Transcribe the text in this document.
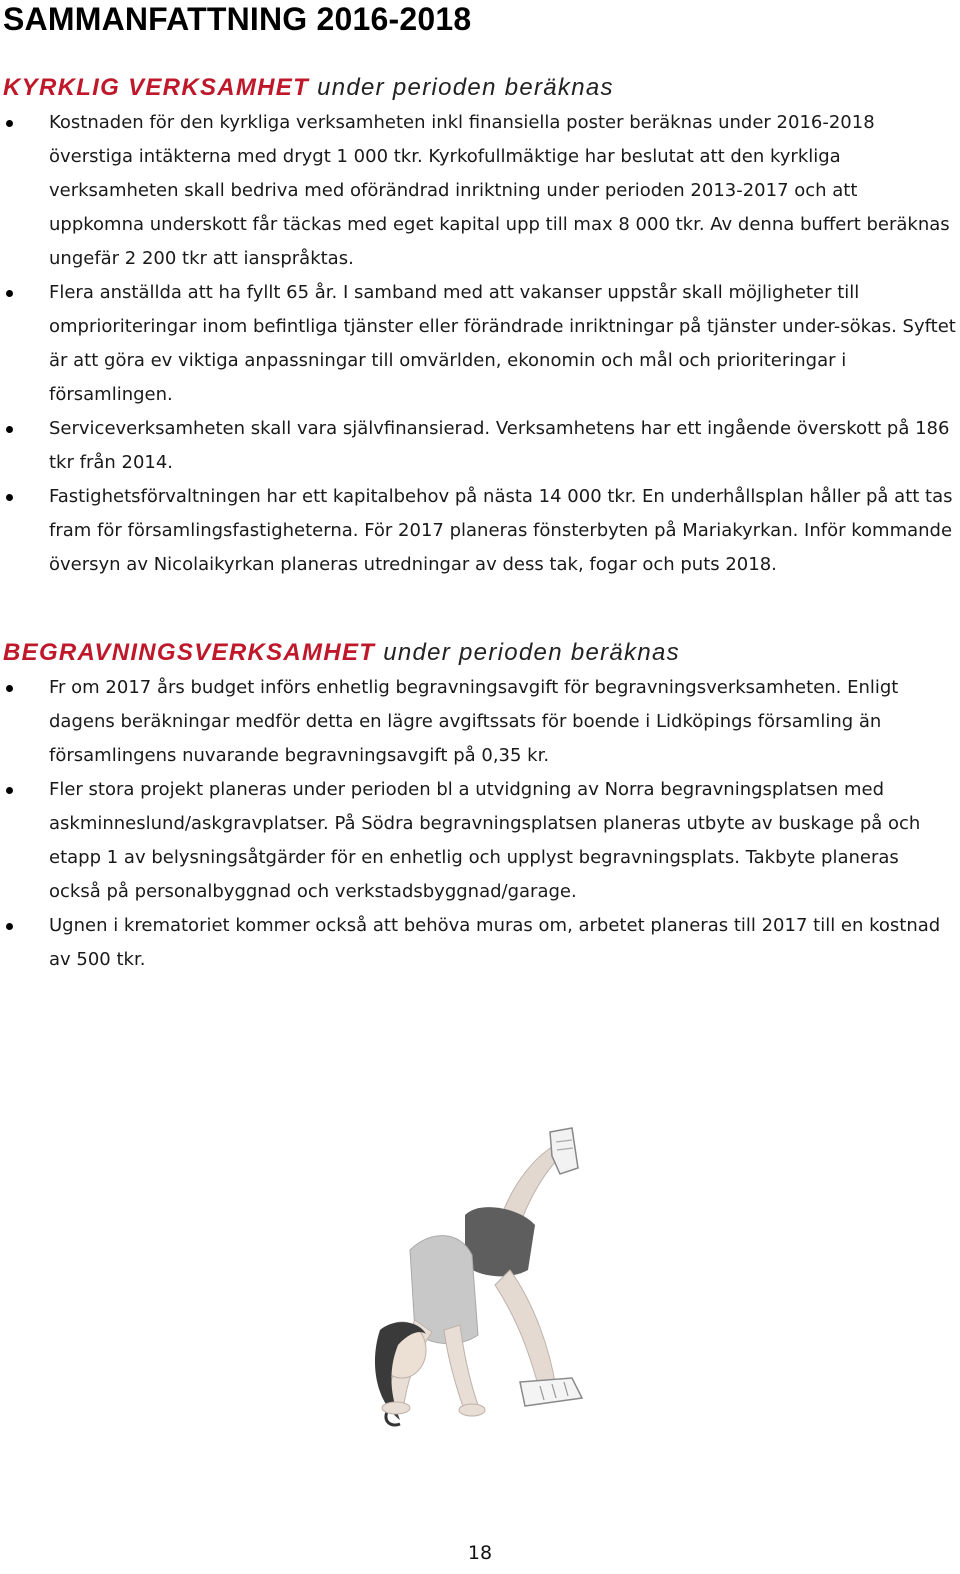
SAMMANFATTNING 2016-2018
KYRKLIG VERKSAMHET under perioden beräknas
Kostnaden för den kyrkliga verksamheten inkl finansiella poster beräknas under 2016-2018 överstiga intäkterna med drygt 1 000 tkr. Kyrkofullmäktige har beslutat att den kyrkliga verksamheten skall bedriva med oförändrad inriktning under perioden 2013-2017 och att uppkomna underskott får täckas med eget kapital upp till max 8 000 tkr. Av denna buffert beräknas ungefär 2 200 tkr att ianspråktas.
Flera anställda att ha fyllt 65 år. I samband med att vakanser uppstår skall möjligheter till omprioriteringar inom befintliga tjänster eller förändrade inriktningar på tjänster under-sökas. Syftet är att göra ev viktiga anpassningar till omvärlden, ekonomin och mål och prioriteringar i församlingen.
Serviceverksamheten skall vara självfinansierad. Verksamhetens har ett ingående överskott på 186 tkr från 2014.
Fastighetsförvaltningen har ett kapitalbehov på nästa 14 000 tkr. En underhållsplan håller på att tas fram för församlingsfastigheterna. För 2017 planeras fönsterbyten på Mariakyrkan. Inför kommande översyn av Nicolaikyrkan planeras utredningar av dess tak, fogar och puts 2018.
BEGRAVNINGSVERKSAMHET under perioden beräknas
Fr om 2017 års budget införs enhetlig begravningsavgift för begravningsverksamheten. Enligt dagens beräkningar medför detta en lägre avgiftssats för boende i Lidköpings församling än församlingens nuvarande begravningsavgift på 0,35 kr.
Fler stora projekt planeras under perioden bl a utvidgning av Norra begravningsplatsen med askminneslund/askgravplatser. På Södra begravningsplatsen planeras utbyte av buskage på och etapp 1 av belysningsåtgärder för en enhetlig och upplyst begravningsplats. Takbyte planeras också på personalbyggnad och verkstadsbyggnad/garage.
Ugnen i krematoriet kommer också att behöva muras om, arbetet planeras till 2017 till en kostnad av 500 tkr.
18
